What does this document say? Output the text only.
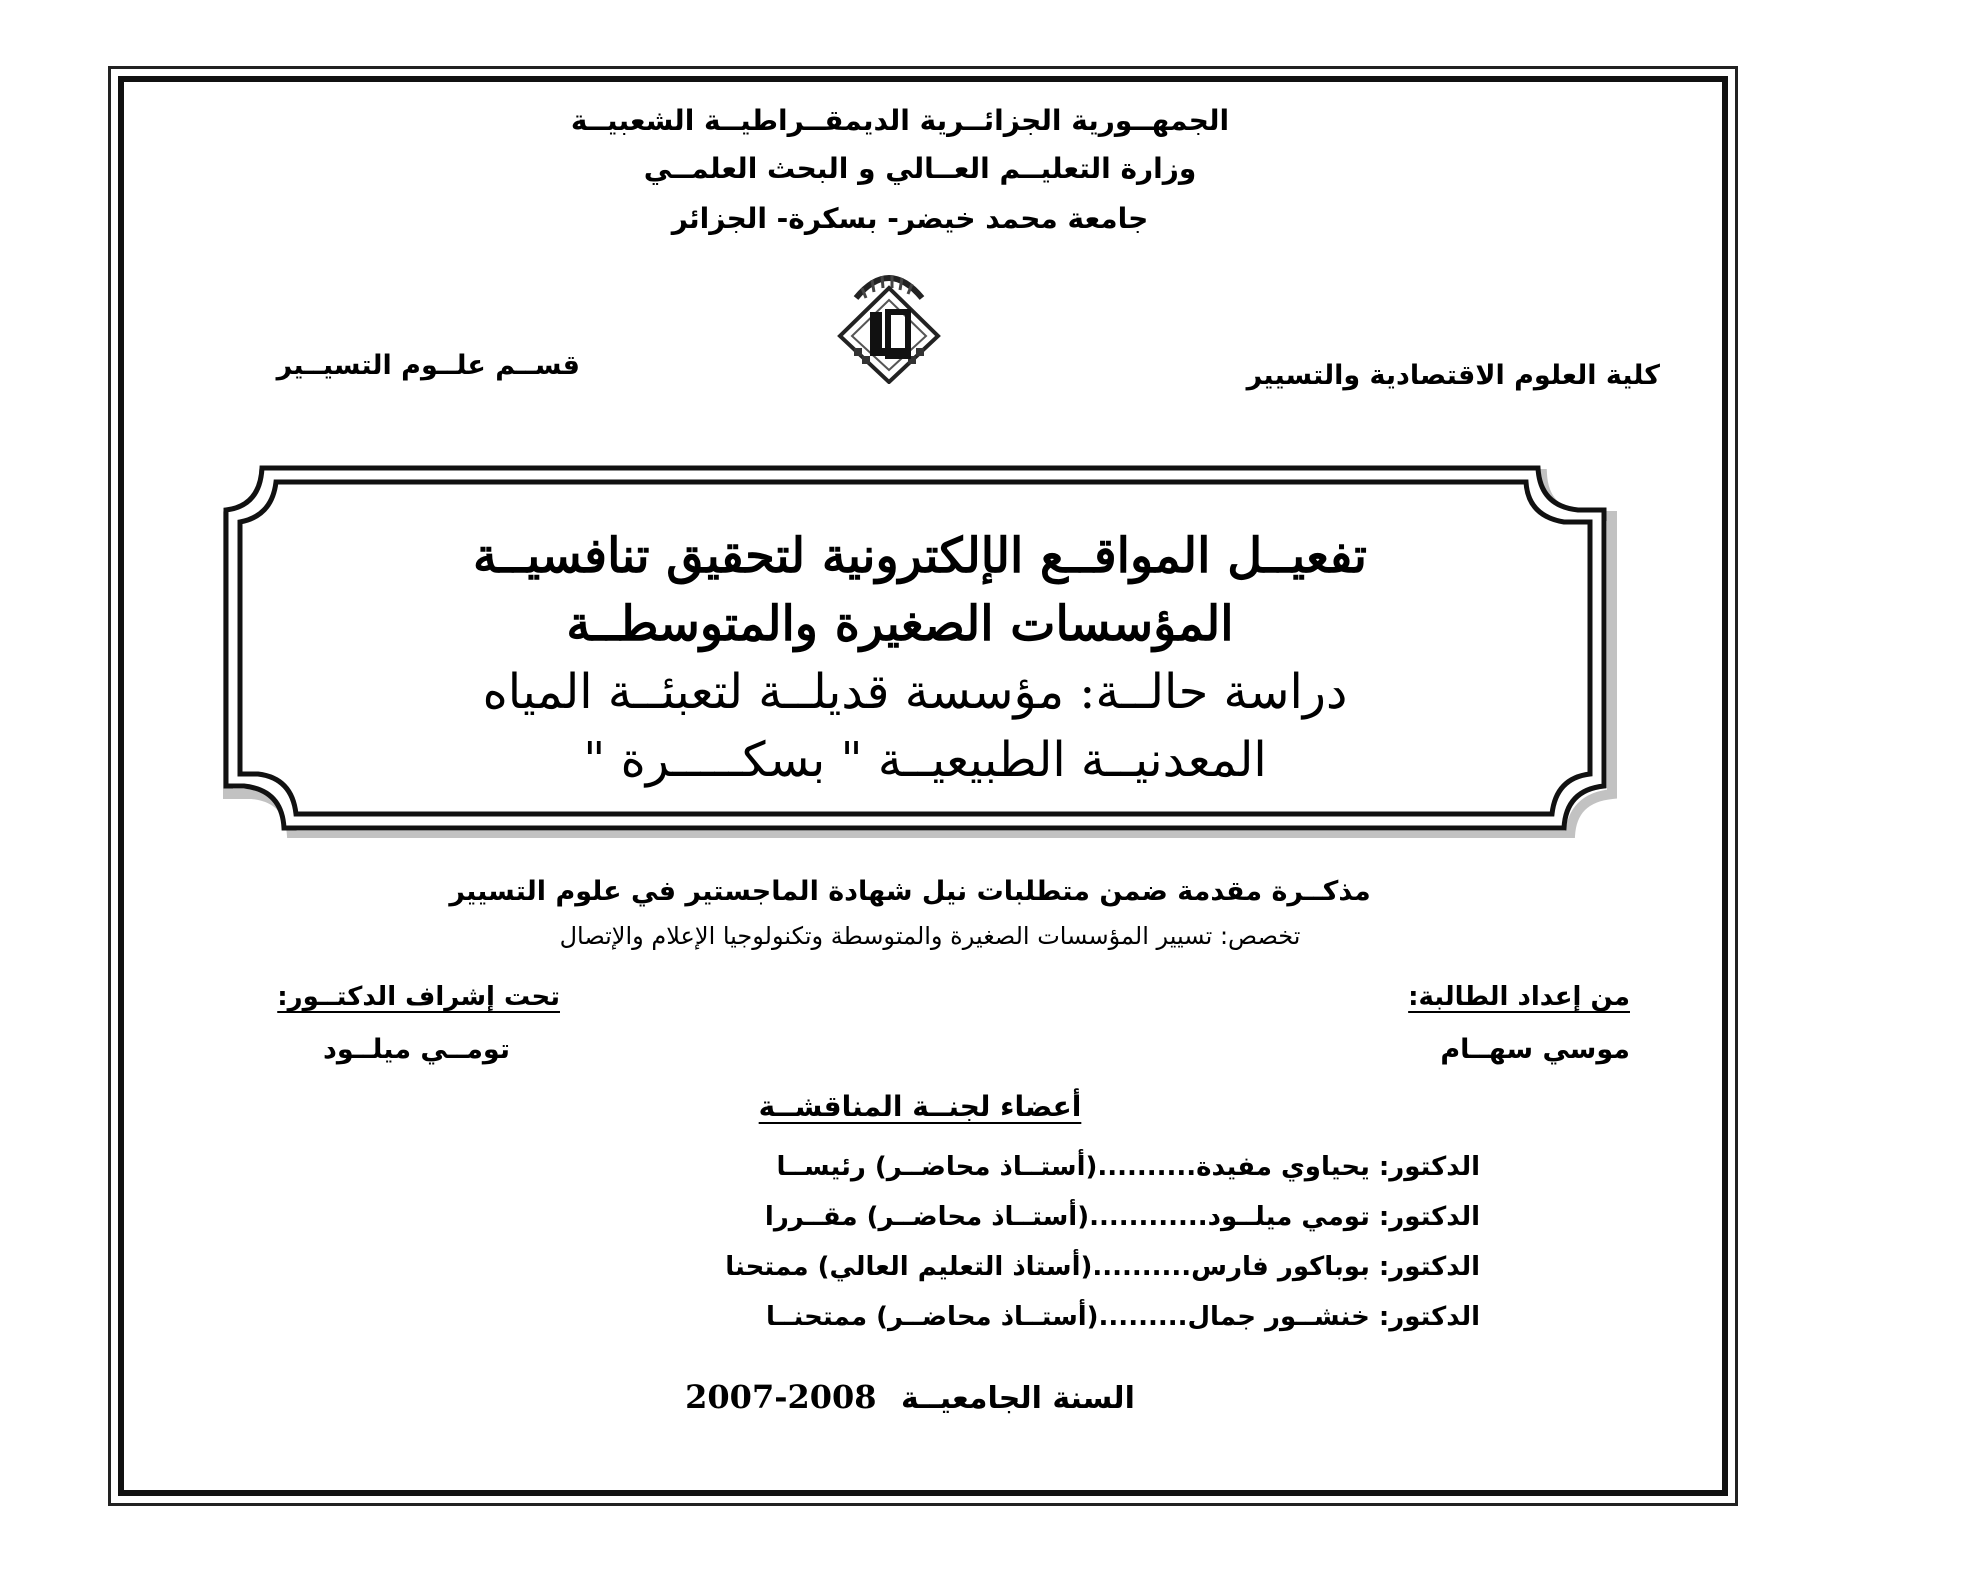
الجمهــورية الجزائــرية الديمقــراطيــة الشعبيــة
وزارة التعليــم العــالي و البحث العلمــي
جامعة محمد خيضر- بسكرة- الجزائر
كلية العلوم الاقتصادية والتسيير
قســم علــوم التسيــير
تفعيــل المواقــع الإلكترونية لتحقيق تنافسيــة
المؤسسات الصغيرة والمتوسطــة
دراسة حالــة: مؤسسة قديلــة لتعبئــة المياه
المعدنيــة الطبيعيــة " بسكـــــرة "
مذكــرة مقدمة ضمن متطلبات نيل شهادة الماجستير في علوم التسيير
تخصص: تسيير المؤسسات الصغيرة والمتوسطة وتكنولوجيا الإعلام والإتصال
من إعداد الطالبة:
تحت إشراف الدكتــور:
موسي سهــام
تومــي ميلــود
أعضاء لجنــة المناقشــة
الدكتور: يحياوي مفيدة..........(أستــاذ محاضــر) رئيســا
الدكتور: تومي ميلــود............(أستــاذ محاضــر) مقــررا
الدكتور: بوباكور فارس..........(أستاذ التعليم العالي) ممتحنا
الدكتور: خنشــور جمال.........(أستــاذ محاضــر) ممتحنــا
2007-2008 السنة الجامعيــة
